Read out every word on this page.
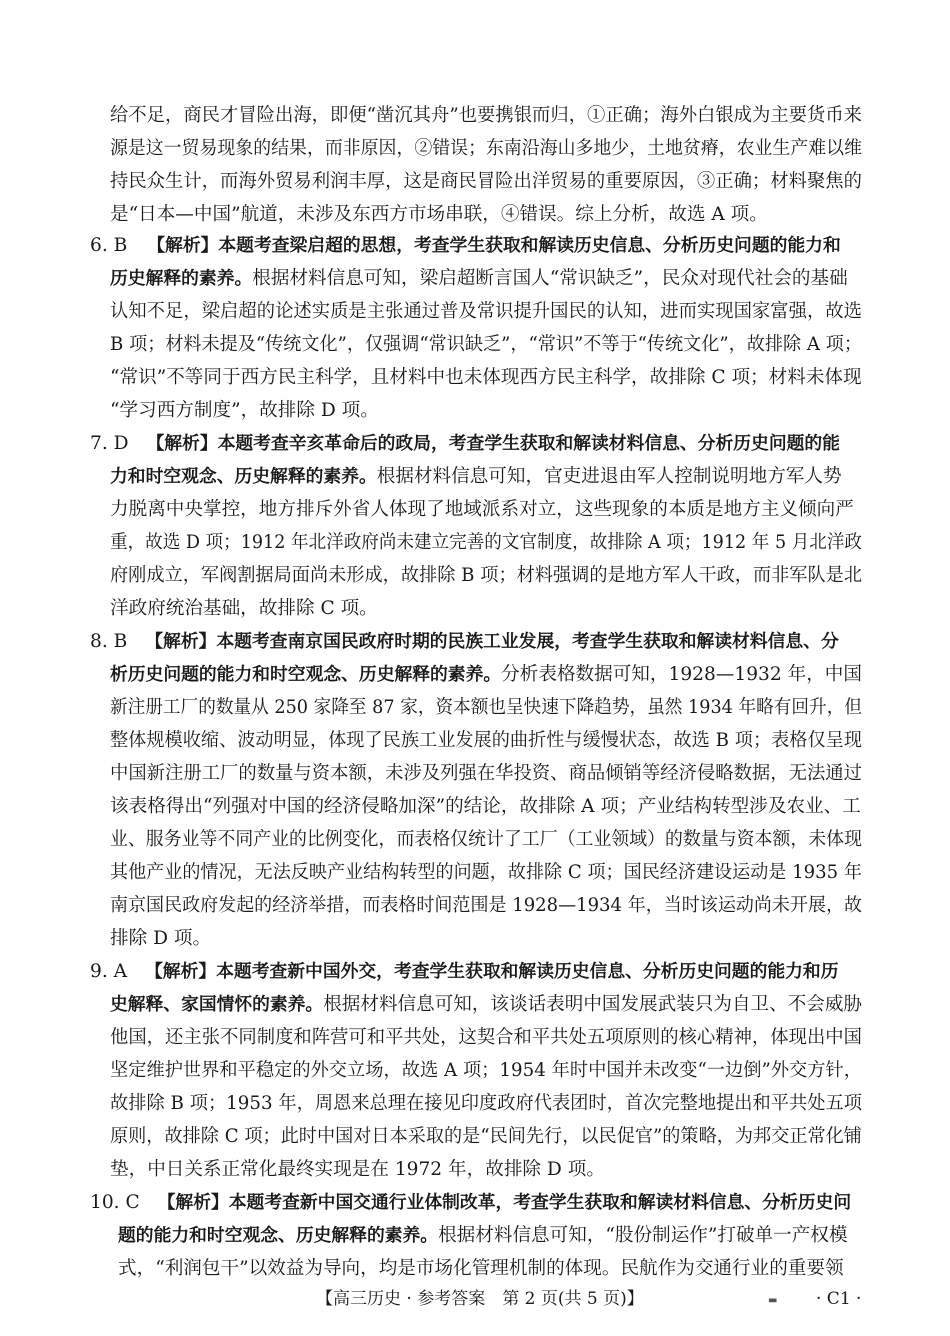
给不足，商民才冒险出海，即便“凿沉其舟”也要携银而归，①正确；海外白银成为主要货币来
源是这一贸易现象的结果，而非原因，②错误；东南沿海山多地少，土地贫瘠，农业生产难以维
持民众生计，而海外贸易利润丰厚，这是商民冒险出洋贸易的重要原因，③正确；材料聚焦的
是“日本—中国”航道，未涉及东西方市场串联，④错误。综上分析，故选 A 项。
6. B 【解析】本题考查梁启超的思想，考查学生获取和解读历史信息、分析历史问题的能力和
历史解释的素养。根据材料信息可知，梁启超断言国人“常识缺乏”，民众对现代社会的基础
认知不足，梁启超的论述实质是主张通过普及常识提升国民的认知，进而实现国家富强，故选
B 项；材料未提及“传统文化”，仅强调“常识缺乏”，“常识”不等于“传统文化”，故排除 A 项；
“常识”不等同于西方民主科学，且材料中也未体现西方民主科学，故排除 C 项；材料未体现
“学习西方制度”，故排除 D 项。
7. D 【解析】本题考查辛亥革命后的政局，考查学生获取和解读材料信息、分析历史问题的能
力和时空观念、历史解释的素养。根据材料信息可知，官吏进退由军人控制说明地方军人势
力脱离中央掌控，地方排斥外省人体现了地域派系对立，这些现象的本质是地方主义倾向严
重，故选 D 项；1912 年北洋政府尚未建立完善的文官制度，故排除 A 项；1912 年 5 月北洋政
府刚成立，军阀割据局面尚未形成，故排除 B 项；材料强调的是地方军人干政，而非军队是北
洋政府统治基础，故排除 C 项。
8. B 【解析】本题考查南京国民政府时期的民族工业发展，考查学生获取和解读材料信息、分
析历史问题的能力和时空观念、历史解释的素养。分析表格数据可知，1928—1932 年，中国
新注册工厂的数量从 250 家降至 87 家，资本额也呈快速下降趋势，虽然 1934 年略有回升，但
整体规模收缩、波动明显，体现了民族工业发展的曲折性与缓慢状态，故选 B 项；表格仅呈现
中国新注册工厂的数量与资本额，未涉及列强在华投资、商品倾销等经济侵略数据，无法通过
该表格得出“列强对中国的经济侵略加深”的结论，故排除 A 项；产业结构转型涉及农业、工
业、服务业等不同产业的比例变化，而表格仅统计了工厂（工业领域）的数量与资本额，未体现
其他产业的情况，无法反映产业结构转型的问题，故排除 C 项；国民经济建设运动是 1935 年
南京国民政府发起的经济举措，而表格时间范围是 1928—1934 年，当时该运动尚未开展，故
排除 D 项。
9. A 【解析】本题考查新中国外交，考查学生获取和解读历史信息、分析历史问题的能力和历
史解释、家国情怀的素养。根据材料信息可知，该谈话表明中国发展武装只为自卫、不会威胁
他国，还主张不同制度和阵营可和平共处，这契合和平共处五项原则的核心精神，体现出中国
坚定维护世界和平稳定的外交立场，故选 A 项；1954 年时中国并未改变“一边倒”外交方针，
故排除 B 项；1953 年，周恩来总理在接见印度政府代表团时，首次完整地提出和平共处五项
原则，故排除 C 项；此时中国对日本采取的是“民间先行，以民促官”的策略，为邦交正常化铺
垫，中日关系正常化最终实现是在 1972 年，故排除 D 项。
10. C 【解析】本题考查新中国交通行业体制改革，考查学生获取和解读材料信息、分析历史问
题的能力和时空观念、历史解释的素养。根据材料信息可知，“股份制运作”打破单一产权模
式，“利润包干”以效益为导向，均是市场化管理机制的体现。民航作为交通行业的重要领
【高三历史 · 参考答案　第 2 页(共 5 页)】	▬ · C1 ·
